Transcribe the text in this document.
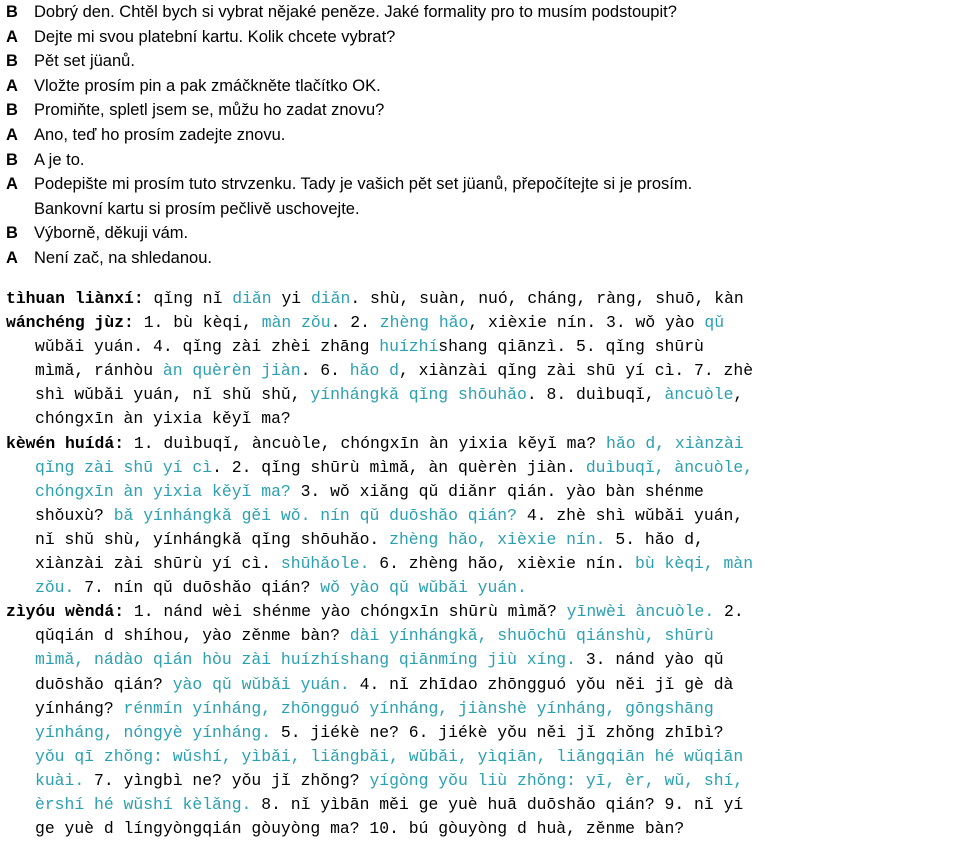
B Dobrý den. Chtěl bych si vybrat nějaké peněze. Jaké formality pro to musím podstoupit?
A Dejte mi svou platební kartu. Kolik chcete vybrat?
B Pět set jüanů.
A Vložte prosím pin a pak zmáčkněte tlačítko OK.
B Promiňte, spletl jsem se, můžu ho zadat znovu?
A Ano, teď ho prosím zadejte znovu.
B A je to.
A Podepište mi prosím tuto strvzenku. Tady je vašich pět set jüanů, přepočítejte si je prosím.
Bankovní kartu si prosím pečlivě uschovejte.
B Výborně, děkuji vám.
A Není zač, na shledanou.
tìhuan liànxí: qǐng nǐ diǎn yi diǎn. shù, suàn, nuó, cháng, ràng, shuō, kàn
wánchéng jùz: 1. bù kèqi, màn zǒu. 2. zhèng hǎo, xièxie nín. 3. wǒ yào qǔ
wǔbǎi yuán. 4. qǐng zài zhèi zhāng huízhíshang qiānzì. 5. qǐng shūrù
mìmǎ, ránhòu àn quèrèn jiàn. 6. hǎo d, xiànzài qǐng zài shū yí cì. 7. zhè
shì wǔbǎi yuán, nǐ shǔ shǔ, yínhángkǎ qǐng shōuhǎo. 8. duìbuqǐ, àncuòle,
chóngxīn àn yixia kěyǐ ma?
kèwén huídá: 1. duìbuqǐ, àncuòle, chóngxīn àn yixia kěyǐ ma? hǎo d, xiànzài
qǐng zài shū yí cì. 2. qǐng shūrù mìmǎ, àn quèrèn jiàn. duìbuqǐ, àncuòle,
chóngxīn àn yixia kěyǐ ma? 3. wǒ xiǎng qǔ diǎnr qián. yào bàn shénme
shǒuxù? bǎ yínhángkǎ gěi wǒ. nín qǔ duōshǎo qián? 4. zhè shì wǔbǎi yuán,
nǐ shǔ shù, yínhángkǎ qǐng shōuhǎo. zhèng hǎo, xièxie nín. 5. hǎo d,
xiànzài zài shūrù yí cì. shūhǎole. 6. zhèng hǎo, xièxie nín. bù kèqi, màn
zǒu. 7. nín qǔ duōshǎo qián? wǒ yào qǔ wǔbǎi yuán.
zìyóu wèndá: 1. nánd wèi shénme yào chóngxīn shūrù mìmǎ? yīnwèi àncuòle. 2.
qǔqián d shíhou, yào zěnme bàn? dài yínhángkǎ, shuōchū qiánshù, shūrù
mìmǎ, nádào qián hòu zài huízhíshang qiānmíng jiù xíng. 3. nánd yào qǔ
duōshǎo qián? yào qǔ wǔbǎi yuán. 4. nǐ zhīdao zhōngguó yǒu něi jǐ gè dà
yínháng? rénmín yínháng, zhōngguó yínháng, jiànshè yínháng, gōngshāng
yínháng, nóngyè yínháng. 5. jiékè ne? 6. jiékè yǒu něi jǐ zhǒng zhībì?
yǒu qī zhǒng: wǔshí, yìbǎi, liǎngbǎi, wǔbǎi, yìqiān, liǎngqiān hé wǔqiān
kuài. 7. yìngbì ne? yǒu jǐ zhǒng? yígòng yǒu liù zhǒng: yī, èr, wǔ, shí,
èrshí hé wǔshí kèlǎng. 8. nǐ yìbān měi ge yuè huā duōshǎo qián? 9. nǐ yí
ge yuè d língyòngqián gòuyòng ma? 10. bú gòuyòng d huà, zěnme bàn?
